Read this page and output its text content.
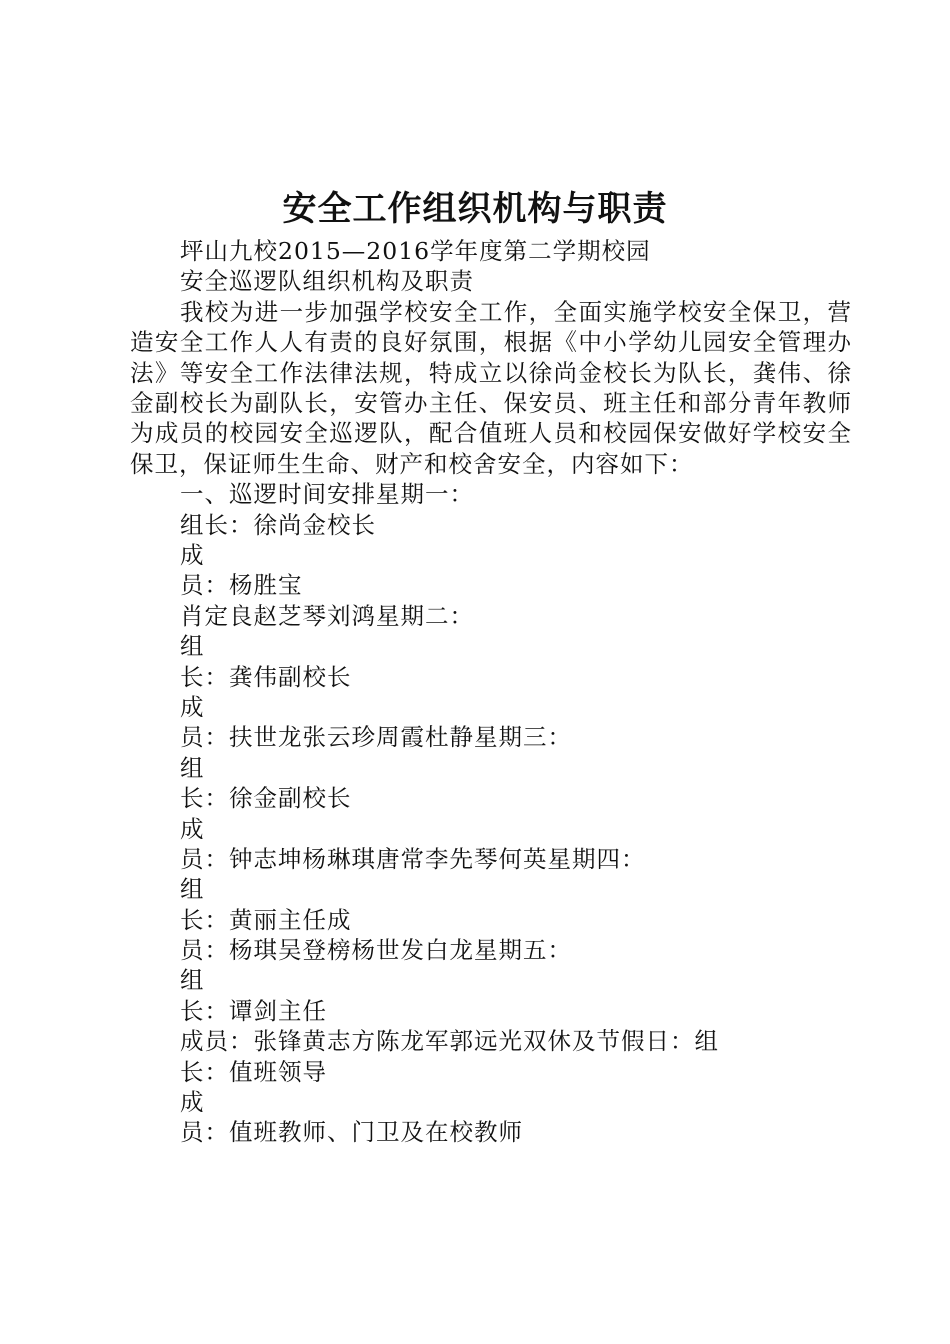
安全工作组织机构与职责

坪山九校2015—2016学年度第二学期校园

安全巡逻队组织机构及职责

我校为进一步加强学校安全工作，全面实施学校安全保卫，营造安全工作人人有责的良好氛围，根据《中小学幼儿园安全管理办法》等安全工作法律法规，特成立以徐尚金校长为队长，龚伟、徐金副校长为副队长，安管办主任、保安员、班主任和部分青年教师为成员的校园安全巡逻队，配合值班人员和校园保安做好学校安全保卫，保证师生生命、财产和校舍安全，内容如下：

一、巡逻时间安排星期一：

组长：徐尚金校长

成

员：杨胜宝

肖定良赵芝琴刘鸿星期二：

组

长：龚伟副校长

成

员：扶世龙张云珍周霞杜静星期三：

组

长：徐金副校长

成

员：钟志坤杨琳琪唐常李先琴何英星期四：

组

长：黄丽主任成

员：杨琪吴登榜杨世发白龙星期五：

组

长：谭剑主任

成员：张锋黄志方陈龙军郭远光双休及节假日：组

长：值班领导

成

员：值班教师、门卫及在校教师
